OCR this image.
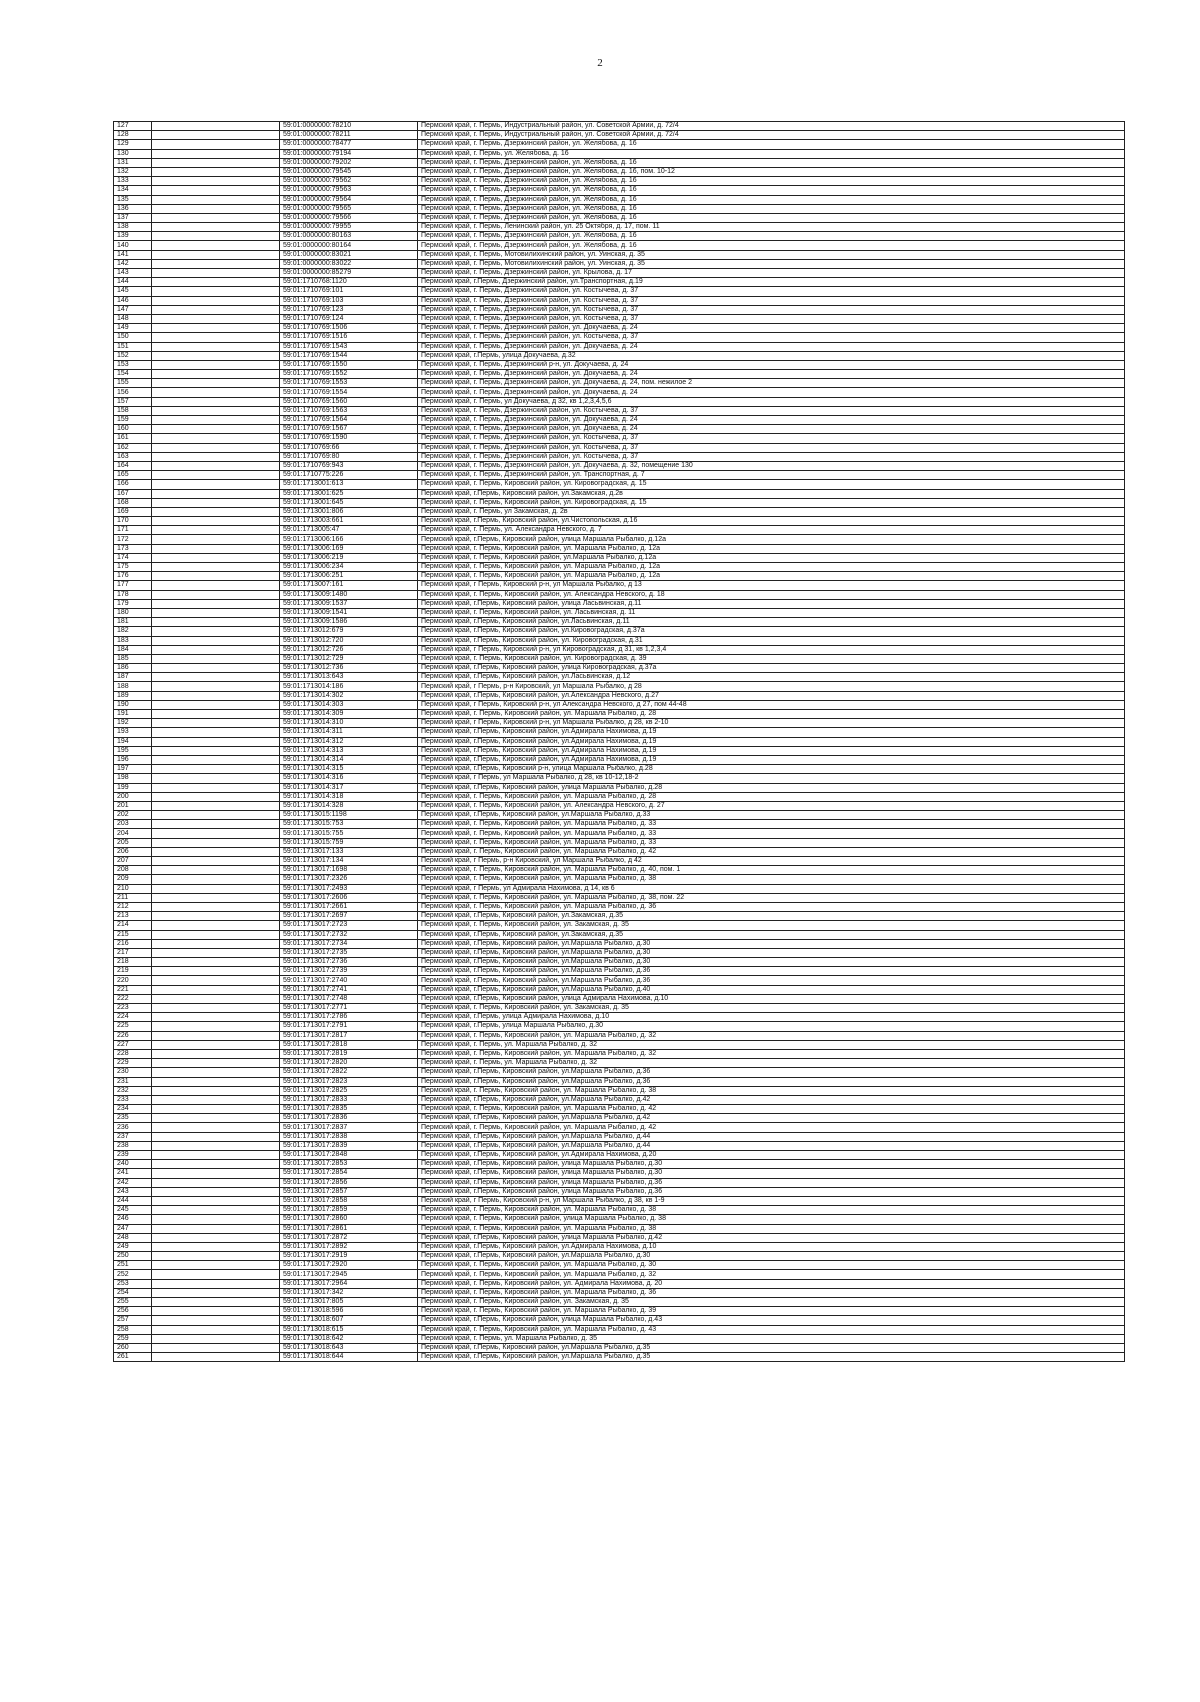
2
127		59:01:0000000:78210	Пермский край, г. Пермь, Индустриальный район, ул. Советской Армии, д. 72/4
128		59:01:0000000:78211	Пермский край, г. Пермь, Индустриальный район, ул. Советской Армии, д. 72/4
129		59:01:0000000:78477	Пермский край, г. Пермь, Дзержинский район, ул. Желябова, д. 16
130		59:01:0000000:79194	Пермский край, г. Пермь, ул. Желябова, д. 16
131		59:01:0000000:79202	Пермский край, г. Пермь, Дзержинский район, ул. Желябова, д. 16
132		59:01:0000000:79545	Пермский край, г. Пермь, Дзержинский район, ул. Желябова, д. 16, пом. 10-12
133		59:01:0000000:79562	Пермский край, г. Пермь, Дзержинский район, ул. Желябова, д. 16
134		59:01:0000000:79563	Пермский край, г. Пермь, Дзержинский район, ул. Желябова, д. 16
135		59:01:0000000:79564	Пермский край, г. Пермь, Дзержинский район, ул. Желябова, д. 16
136		59:01:0000000:79565	Пермский край, г. Пермь, Дзержинский район, ул. Желябова, д. 16
137		59:01:0000000:79566	Пермский край, г. Пермь, Дзержинский район, ул. Желябова, д. 16
138		59:01:0000000:79955	Пермский край, г. Пермь, Ленинский район, ул. 25 Октября, д. 17, пом. 11
139		59:01:0000000:80163	Пермский край, г. Пермь, Дзержинский район, ул. Желябова, д. 16
140		59:01:0000000:80164	Пермский край, г. Пермь, Дзержинский район, ул. Желябова, д. 16
141		59:01:0000000:83021	Пермский край, г. Пермь, Мотовилихинский район, ул. Уинская, д. 35
142		59:01:0000000:83022	Пермский край, г. Пермь, Мотовилихинский район, ул. Уинская, д. 35
143		59:01:0000000:85279	Пермский край, г. Пермь, Дзержинский район, ул. Крылова, д. 17
144		59:01:1710768:1120	Пермский край, г.Пермь, Дзержинский район, ул.Транспортная, д.19
145		59:01:1710769:101	Пермский край, г. Пермь, Дзержинский район, ул. Костычева, д. 37
146		59:01:1710769:103	Пермский край, г. Пермь, Дзержинский район, ул. Костычева, д. 37
147		59:01:1710769:123	Пермский край, г. Пермь, Дзержинский район, ул. Костычева, д. 37
148		59:01:1710769:124	Пермский край, г. Пермь, Дзержинский район, ул. Костычева, д. 37
149		59:01:1710769:1506	Пермский край, г. Пермь, Дзержинский район, ул. Докучаева, д. 24
150		59:01:1710769:1516	Пермский край, г. Пермь, Дзержинский район, ул. Костычева, д. 37
151		59:01:1710769:1543	Пермский край, г. Пермь, Дзержинский район, ул. Докучаева, д. 24
152		59:01:1710769:1544	Пермский край, г.Пермь, улица Докучаева, д.32
153		59:01:1710769:1550	Пермский край, г. Пермь, Дзержинский р-н, ул. Докучаева, д. 24
154		59:01:1710769:1552	Пермский край, г. Пермь, Дзержинский район, ул. Докучаева, д. 24
155		59:01:1710769:1553	Пермский край, г. Пермь, Дзержинский район, ул. Докучаева, д. 24, пом. нежилое 2
156		59:01:1710769:1554	Пермский край, г. Пермь, Дзержинский район, ул. Докучаева, д. 24
157		59:01:1710769:1560	Пермский край, г. Пермь, ул Докучаева, д 32, кв 1,2,3,4,5,6
158		59:01:1710769:1563	Пермский край, г. Пермь, Дзержинский район, ул. Костычева, д. 37
159		59:01:1710769:1564	Пермский край, г. Пермь, Дзержинский район, ул. Докучаева, д. 24
160		59:01:1710769:1567	Пермский край, г. Пермь, Дзержинский район, ул. Докучаева, д. 24
161		59:01:1710769:1590	Пермский край, г. Пермь, Дзержинский район, ул. Костычева, д. 37
162		59:01:1710769:66	Пермский край, г. Пермь, Дзержинский район, ул. Костычева, д. 37
163		59:01:1710769:80	Пермский край, г. Пермь, Дзержинский район, ул. Костычева, д. 37
164		59:01:1710769:943	Пермский край, г. Пермь, Дзержинский район, ул. Докучаева, д. 32, помещение 130
165		59:01:1710775:226	Пермский край, г. Пермь, Дзержинский район, ул. Транспортная, д. 7
166		59:01:1713001:613	Пермский край, г. Пермь, Кировский район, ул. Кировоградская, д. 15
167		59:01:1713001:625	Пермский край, г.Пермь, Кировский район, ул.Закамская, д.2в
168		59:01:1713001:645	Пермский край, г. Пермь, Кировский район, ул. Кировоградская, д. 15
169		59:01:1713001:806	Пермский край, г. Пермь, ул Закамская, д. 2в
170		59:01:1713003:661	Пермский край, г.Пермь, Кировский район, ул.Чистопольская, д.16
171		59:01:1713005:47	Пермский край, г. Пермь, ул. Александра Невского, д. 7
172		59:01:1713006:166	Пермский край, г.Пермь, Кировский район, улица Маршала Рыбалко, д.12а
173		59:01:1713006:169	Пермский край, г. Пермь, Кировский район, ул. Маршала Рыбалко, д. 12а
174		59:01:1713006:219	Пермский край, г. Пермь, Кировский район, ул.Маршала Рыбалко, д.12а
175		59:01:1713006:234	Пермский край, г. Пермь, Кировский район, ул. Маршала Рыбалко, д. 12а
176		59:01:1713006:251	Пермский край, г. Пермь, Кировский район, ул. Маршала Рыбалко, д. 12а
177		59:01:1713007:161	Пермский край, г Пермь, Кировский р-н, ул Маршала Рыбалко, д 13
178		59:01:1713009:1480	Пермский край, г. Пермь, Кировский район, ул. Александра Невского, д. 18
179		59:01:1713009:1537	Пермский край, г.Пермь, Кировский район, улица Ласьвинская, д.11
180		59:01:1713009:1541	Пермский край, г. Пермь, Кировский район, ул. Ласьвинская, д. 11
181		59:01:1713009:1586	Пермский край, г.Пермь, Кировский район, ул.Ласьвинская, д.11
182		59:01:1713012:679	Пермский край, г.Пермь, Кировский район, ул.Кировоградская, д.37а
183		59:01:1713012:720	Пермский край, г.Пермь, Кировский район, ул. Кировоградская, д.31
184		59:01:1713012:726	Пермский край, г Пермь, Кировский р-н, ул Кировоградская, д 31, кв 1,2,3,4
185		59:01:1713012:729	Пермский край, г. Пермь, Кировский район, ул. Кировоградская, д. 39
186		59:01:1713012:736	Пермский край, г.Пермь, Кировский район, улица Кировоградская, д.37а
187		59:01:1713013:643	Пермский край, г.Пермь, Кировский район, ул.Ласьвинская, д.12
188		59:01:1713014:186	Пермский край, г Пермь, р-н Кировский, ул Маршала Рыбалко, д 28
189		59:01:1713014:302	Пермский край, г.Пермь, Кировский район, ул.Александра Невского, д.27
190		59:01:1713014:303	Пермский край, г Пермь, Кировский р-н, ул Александра Невского, д 27, пом 44-48
191		59:01:1713014:309	Пермский край, г. Пермь, Кировский район, ул. Маршала Рыбалко, д. 28
192		59:01:1713014:310	Пермский край, г Пермь, Кировский р-н, ул Маршала Рыбалко, д 28, кв 2-10
193		59:01:1713014:311	Пермский край, г.Пермь, Кировский район, ул.Адмирала Нахимова, д.19
194		59:01:1713014:312	Пермский край, г.Пермь, Кировский район, ул.Адмирала Нахимова, д.19
195		59:01:1713014:313	Пермский край, г.Пермь, Кировский район, ул.Адмирала Нахимова, д.19
196		59:01:1713014:314	Пермский край, г.Пермь, Кировский район, ул.Адмирала Нахимова, д.19
197		59:01:1713014:315	Пермский край, г.Пермь, Кировский р-н, улица Маршала Рыбалко, д.28
198		59:01:1713014:316	Пермский край, г Пермь, ул Маршала Рыбалко, д 28, кв 10-12,18-2
199		59:01:1713014:317	Пермский край, г.Пермь, Кировский район, улица Маршала Рыбалко, д.28
200		59:01:1713014:318	Пермский край, г. Пермь, Кировский район, ул. Маршала Рыбалко, д. 28
201		59:01:1713014:328	Пермский край, г. Пермь, Кировский район, ул. Александра Невского, д. 27
202		59:01:1713015:1198	Пермский край, г.Пермь, Кировский район, ул.Маршала Рыбалко, д.33
203		59:01:1713015:753	Пермский край, г. Пермь, Кировский район, ул. Маршала Рыбалко, д. 33
204		59:01:1713015:755	Пермский край, г. Пермь, Кировский район, ул. Маршала Рыбалко, д. 33
205		59:01:1713015:759	Пермский край, г. Пермь, Кировский район, ул. Маршала Рыбалко, д. 33
206		59:01:1713017:133	Пермский край, г. Пермь, Кировский район, ул. Маршала Рыбалко, д. 42
207		59:01:1713017:134	Пермский край, г Пермь, р-н Кировский, ул Маршала Рыбалко, д 42
208		59:01:1713017:1698	Пермский край, г. Пермь, Кировский район, ул. Маршала Рыбалко, д. 40, пом. 1
209		59:01:1713017:2326	Пермский край, г. Пермь, Кировский район, ул. Маршала Рыбалко, д. 38
210		59:01:1713017:2493	Пермский край, г Пермь, ул Адмирала Нахимова, д 14, кв 6
211		59:01:1713017:2606	Пермский край, г. Пермь, Кировский район, ул. Маршала Рыбалко, д. 38, пом. 22
212		59:01:1713017:2661	Пермский край, г. Пермь, Кировский район, ул. Маршала Рыбалко, д. 36
213		59:01:1713017:2697	Пермский край, г.Пермь, Кировский район, ул.Закамская, д.35
214		59:01:1713017:2723	Пермский край, г. Пермь, Кировский район, ул. Закамская, д. 35
215		59:01:1713017:2732	Пермский край, г.Пермь, Кировский район, ул.Закамская, д.35
216		59:01:1713017:2734	Пермский край, г.Пермь, Кировский район, ул.Маршала Рыбалко, д.30
217		59:01:1713017:2735	Пермский край, г.Пермь, Кировский район, ул.Маршала Рыбалко, д.30
218		59:01:1713017:2736	Пермский край, г.Пермь, Кировский район, ул.Маршала Рыбалко, д.30
219		59:01:1713017:2739	Пермский край, г.Пермь, Кировский район, ул.Маршала Рыбалко, д.36
220		59:01:1713017:2740	Пермский край, г.Пермь, Кировский район, ул.Маршала Рыбалко, д.36
221		59:01:1713017:2741	Пермский край, г.Пермь, Кировский район, ул.Маршала Рыбалко, д.40
222		59:01:1713017:2748	Пермский край, г.Пермь, Кировский район, улица Адмирала Нахимова, д.10
223		59:01:1713017:2771	Пермский край, г. Пермь, Кировский район, ул. Закамская, д. 35
224		59:01:1713017:2786	Пермский край, г.Пермь, улица Адмирала Нахимова, д.10
225		59:01:1713017:2791	Пермский край, г.Пермь, улица Маршала Рыбалко, д.30
226		59:01:1713017:2817	Пермский край, г. Пермь, Кировский район, ул. Маршала Рыбалко, д. 32
227		59:01:1713017:2818	Пермский край, г. Пермь, ул. Маршала Рыбалко, д. 32
228		59:01:1713017:2819	Пермский край, г. Пермь, Кировский район, ул. Маршала Рыбалко, д. 32
229		59:01:1713017:2820	Пермский край, г. Пермь, ул. Маршала Рыбалко, д. 32
230		59:01:1713017:2822	Пермский край, г.Пермь, Кировский район, ул.Маршала Рыбалко, д.36
231		59:01:1713017:2823	Пермский край, г.Пермь, Кировский район, ул.Маршала Рыбалко, д.36
232		59:01:1713017:2825	Пермский край, г. Пермь, Кировский район, ул. Маршала Рыбалко, д. 38
233		59:01:1713017:2833	Пермский край, г.Пермь, Кировский район, ул.Маршала Рыбалко, д.42
234		59:01:1713017:2835	Пермский край, г. Пермь, Кировский район, ул. Маршала Рыбалко, д. 42
235		59:01:1713017:2836	Пермский край, г.Пермь, Кировский район, ул.Маршала Рыбалко, д.42
236		59:01:1713017:2837	Пермский край, г. Пермь, Кировский район, ул. Маршала Рыбалко, д. 42
237		59:01:1713017:2838	Пермский край, г.Пермь, Кировский район, ул.Маршала Рыбалко, д.44
238		59:01:1713017:2839	Пермский край, г.Пермь, Кировский район, ул.Маршала Рыбалко, д.44
239		59:01:1713017:2848	Пермский край, г.Пермь, Кировский район, ул.Адмирала Нахимова, д.20
240		59:01:1713017:2853	Пермский край, г.Пермь, Кировский район, улица Маршала Рыбалко, д.30
241		59:01:1713017:2854	Пермский край, г.Пермь, Кировский район, улица Маршала Рыбалко, д.30
242		59:01:1713017:2856	Пермский край, г.Пермь, Кировский район, улица Маршала Рыбалко, д.36
243		59:01:1713017:2857	Пермский край, г.Пермь, Кировский район, улица Маршала Рыбалко, д.36
244		59:01:1713017:2858	Пермский край, г Пермь, Кировский р-н, ул Маршала Рыбалко, д 38, кв 1-9
245		59:01:1713017:2859	Пермский край, г. Пермь, Кировский район, ул. Маршала Рыбалко, д. 38
246		59:01:1713017:2860	Пермский край, г. Пермь, Кировский район, улица Маршала Рыбалко, д. 38
247		59:01:1713017:2861	Пермский край, г. Пермь, Кировский район, ул. Маршала Рыбалко, д. 38
248		59:01:1713017:2872	Пермский край, г.Пермь, Кировский район, улица Маршала Рыбалко, д.42
249		59:01:1713017:2892	Пермский край, г.Пермь, Кировский район, ул.Адмирала Нахимова, д.10
250		59:01:1713017:2919	Пермский край, г.Пермь, Кировский район, ул.Маршала Рыбалко, д.30
251		59:01:1713017:2920	Пермский край, г. Пермь, Кировский район, ул. Маршала Рыбалко, д. 30
252		59:01:1713017:2945	Пермский край, г. Пермь, Кировский район, ул. Маршала Рыбалко, д. 32
253		59:01:1713017:2964	Пермский край, г. Пермь, Кировский район, ул. Адмирала Нахимова, д. 20
254		59:01:1713017:342	Пермский край, г. Пермь, Кировский район, ул. Маршала Рыбалко, д. 36
255		59:01:1713017:805	Пермский край, г. Пермь, Кировский район, ул. Закамская, д. 35
256		59:01:1713018:596	Пермский край, г. Пермь, Кировский район, ул. Маршала Рыбалко, д. 39
257		59:01:1713018:607	Пермский край, г.Пермь, Кировский район, улица Маршала Рыбалко, д.43
258		59:01:1713018:615	Пермский край, г. Пермь, Кировский район, ул. Маршала Рыбалко, д. 43
259		59:01:1713018:642	Пермский край, г. Пермь, ул. Маршала Рыбалко, д. 35
260		59:01:1713018:643	Пермский край, г.Пермь, Кировский район, ул.Маршала Рыбалко, д.35
261		59:01:1713018:644	Пермский край, г.Пермь, Кировский район, ул.Маршала Рыбалко, д.35
